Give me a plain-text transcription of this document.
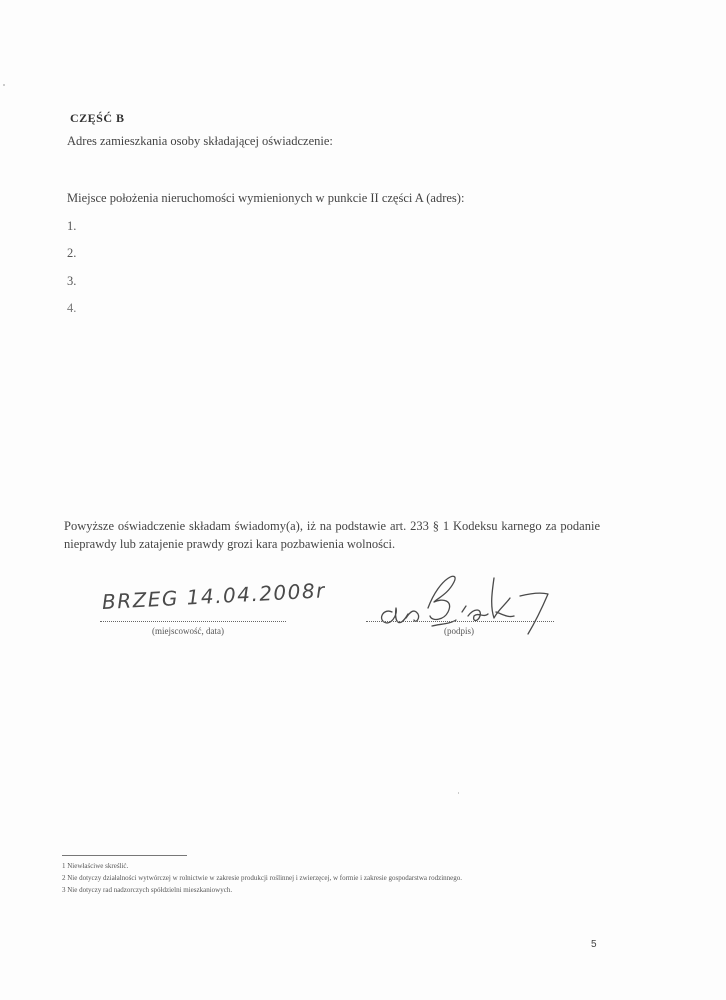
CZĘŚĆ B
Adres zamieszkania osoby składającej oświadczenie:
Miejsce położenia nieruchomości wymienionych w punkcie II części A (adres):
1.
2.
3.
4.
Powyższe oświadczenie składam świadomy(a), iż na podstawie art. 233 § 1 Kodeksu karnego za podanie nieprawdy lub zatajenie prawdy grozi kara pozbawienia wolności.
BRZEG 14.04.2008r
(miejscowość, data)	(podpis)
1 Niewłaściwe skreślić.
2 Nie dotyczy działalności wytwórczej w rolnictwie w zakresie produkcji roślinnej i zwierzęcej, w formie i zakresie gospodarstwa rodzinnego.
3 Nie dotyczy rad nadzorczych spółdzielni mieszkaniowych.
5
